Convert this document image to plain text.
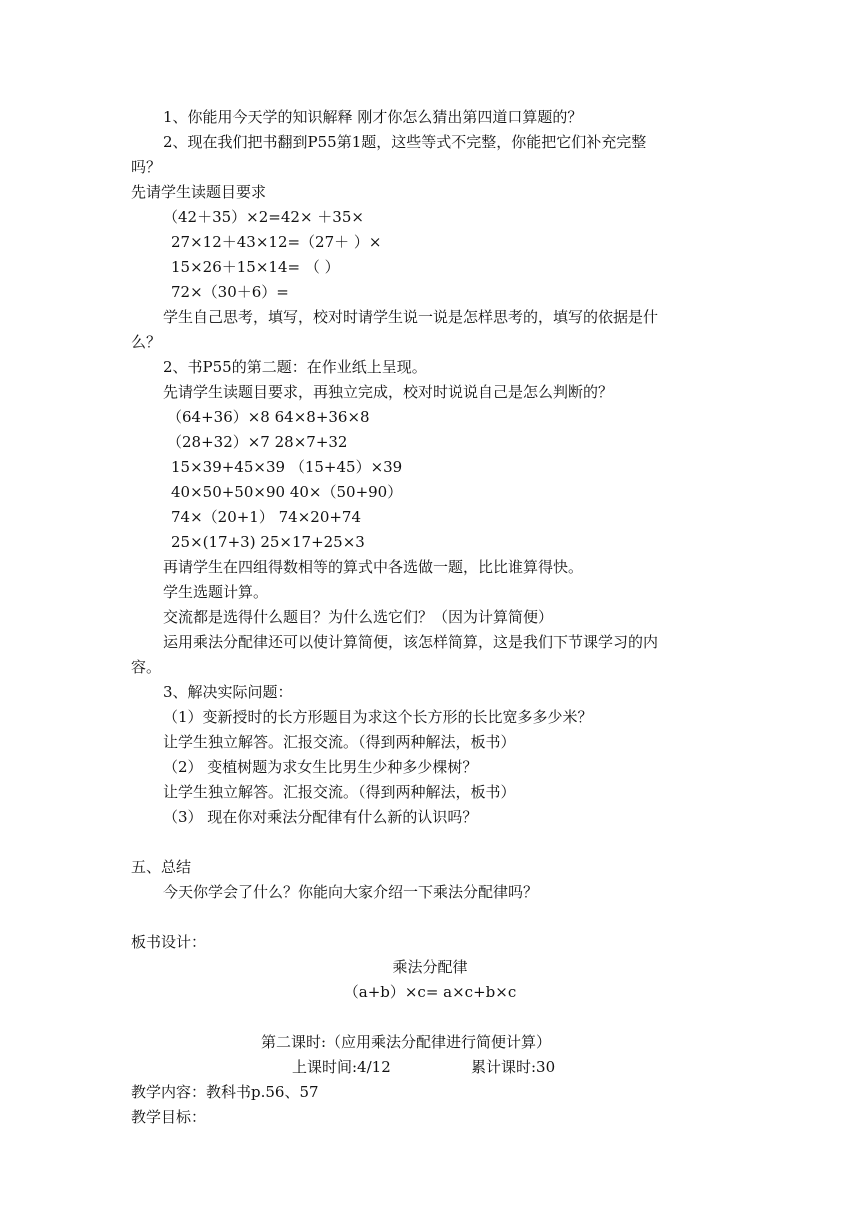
1、你能用今天学的知识解释 刚才你怎么猜出第四道口算题的？
2、现在我们把书翻到P55第1题，这些等式不完整，你能把它们补充完整
吗？
先请学生读题目要求
（42＋35）×2=42× ＋35×
27×12＋43×12=（27＋ ）×
15×26＋15×14= （ ）
72×（30＋6）=
学生自己思考，填写，校对时请学生说一说是怎样思考的，填写的依据是什
么？
2、书P55的第二题：在作业纸上呈现。
先请学生读题目要求，再独立完成，校对时说说自己是怎么判断的？
（64+36）×8 64×8+36×8
（28+32）×7 28×7+32
15×39+45×39 （15+45）×39
40×50+50×90 40×（50+90）
74×（20+1） 74×20+74
25×(17+3) 25×17+25×3
再请学生在四组得数相等的算式中各选做一题，比比谁算得快。
学生选题计算。
交流都是选得什么题目？为什么选它们？（因为计算简便）
运用乘法分配律还可以使计算简便，该怎样简算，这是我们下节课学习的内
容。
3、解决实际问题：
（1）变新授时的长方形题目为求这个长方形的长比宽多多少米？
让学生独立解答。汇报交流。（得到两种解法，板书）
（2） 变植树题为求女生比男生少种多少棵树？
让学生独立解答。汇报交流。（得到两种解法，板书）
（3） 现在你对乘法分配律有什么新的认识吗？
五、总结
今天你学会了什么？你能向大家介绍一下乘法分配律吗？
板书设计：
乘法分配律
（a+b）×c= a×c+b×c
第二课时:（应用乘法分配律进行简便计算）
上课时间:4/12	累计课时:30
教学内容：教科书p.56、57
教学目标：
